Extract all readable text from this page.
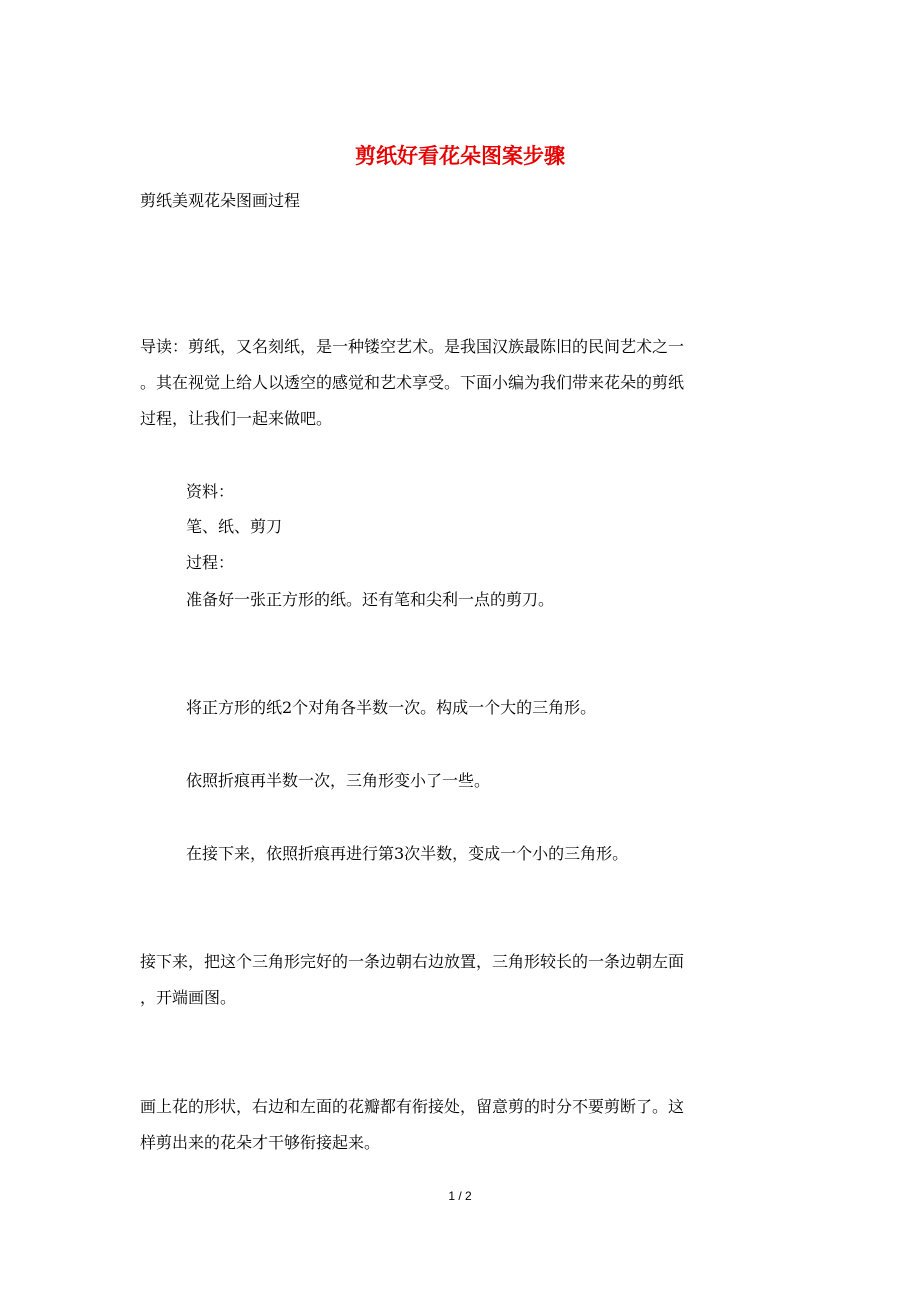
剪纸好看花朵图案步骤
剪纸美观花朵图画过程
导读：剪纸，又名刻纸，是一种镂空艺术。是我国汉族最陈旧的民间艺术之一
。其在视觉上给人以透空的感觉和艺术享受。下面小编为我们带来花朵的剪纸
过程，让我们一起来做吧。
资料：
笔、纸、剪刀
过程：
准备好一张正方形的纸。还有笔和尖利一点的剪刀。
将正方形的纸2个对角各半数一次。构成一个大的三角形。
依照折痕再半数一次，三角形变小了一些。
在接下来，依照折痕再进行第3次半数，变成一个小的三角形。
接下来，把这个三角形完好的一条边朝右边放置，三角形较长的一条边朝左面
，开端画图。
画上花的形状，右边和左面的花瓣都有衔接处，留意剪的时分不要剪断了。这
样剪出来的花朵才干够衔接起来。
1 / 2
